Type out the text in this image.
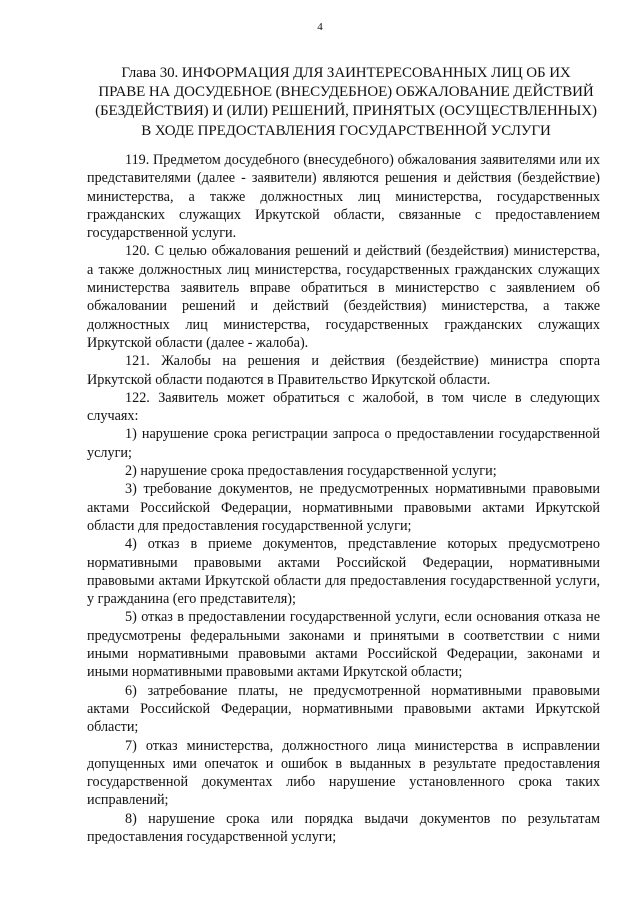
4
Глава 30. ИНФОРМАЦИЯ ДЛЯ ЗАИНТЕРЕСОВАННЫХ ЛИЦ ОБ ИХ
ПРАВЕ НА ДОСУДЕБНОЕ (ВНЕСУДЕБНОЕ) ОБЖАЛОВАНИЕ ДЕЙСТВИЙ
(БЕЗДЕЙСТВИЯ) И (ИЛИ) РЕШЕНИЙ, ПРИНЯТЫХ (ОСУЩЕСТВЛЕННЫХ)
В ХОДЕ ПРЕДОСТАВЛЕНИЯ ГОСУДАРСТВЕННОЙ УСЛУГИ

119. Предметом досудебного (внесудебного) обжалования заявителями или их представителями (далее - заявители) являются решения и действия (бездействие) министерства, а также должностных лиц министерства, государственных гражданских служащих Иркутской области, связанные с предоставлением государственной услуги.

120. С целью обжалования решений и действий (бездействия) министерства, а также должностных лиц министерства, государственных гражданских служащих министерства заявитель вправе обратиться в министерство с заявлением об обжаловании решений и действий (бездействия) министерства, а также должностных лиц министерства, государственных гражданских служащих Иркутской области (далее - жалоба).

121. Жалобы на решения и действия (бездействие) министра спорта Иркутской области подаются в Правительство Иркутской области.

122. Заявитель может обратиться с жалобой, в том числе в следующих случаях:

1) нарушение срока регистрации запроса о предоставлении государственной услуги;

2) нарушение срока предоставления государственной услуги;

3) требование документов, не предусмотренных нормативными правовыми актами Российской Федерации, нормативными правовыми актами Иркутской области для предоставления государственной услуги;

4) отказ в приеме документов, представление которых предусмотрено нормативными правовыми актами Российской Федерации, нормативными правовыми актами Иркутской области для предоставления государственной услуги, у гражданина (его представителя);

5) отказ в предоставлении государственной услуги, если основания отказа не предусмотрены федеральными законами и принятыми в соответствии с ними иными нормативными правовыми актами Российской Федерации, законами и иными нормативными правовыми актами Иркутской области;

6) затребование платы, не предусмотренной нормативными правовыми актами Российской Федерации, нормативными правовыми актами Иркутской области;

7) отказ министерства, должностного лица министерства в исправлении допущенных ими опечаток и ошибок в выданных в результате предоставления государственной документах либо нарушение установленного срока таких исправлений;

8) нарушение срока или порядка выдачи документов по результатам предоставления государственной услуги;
